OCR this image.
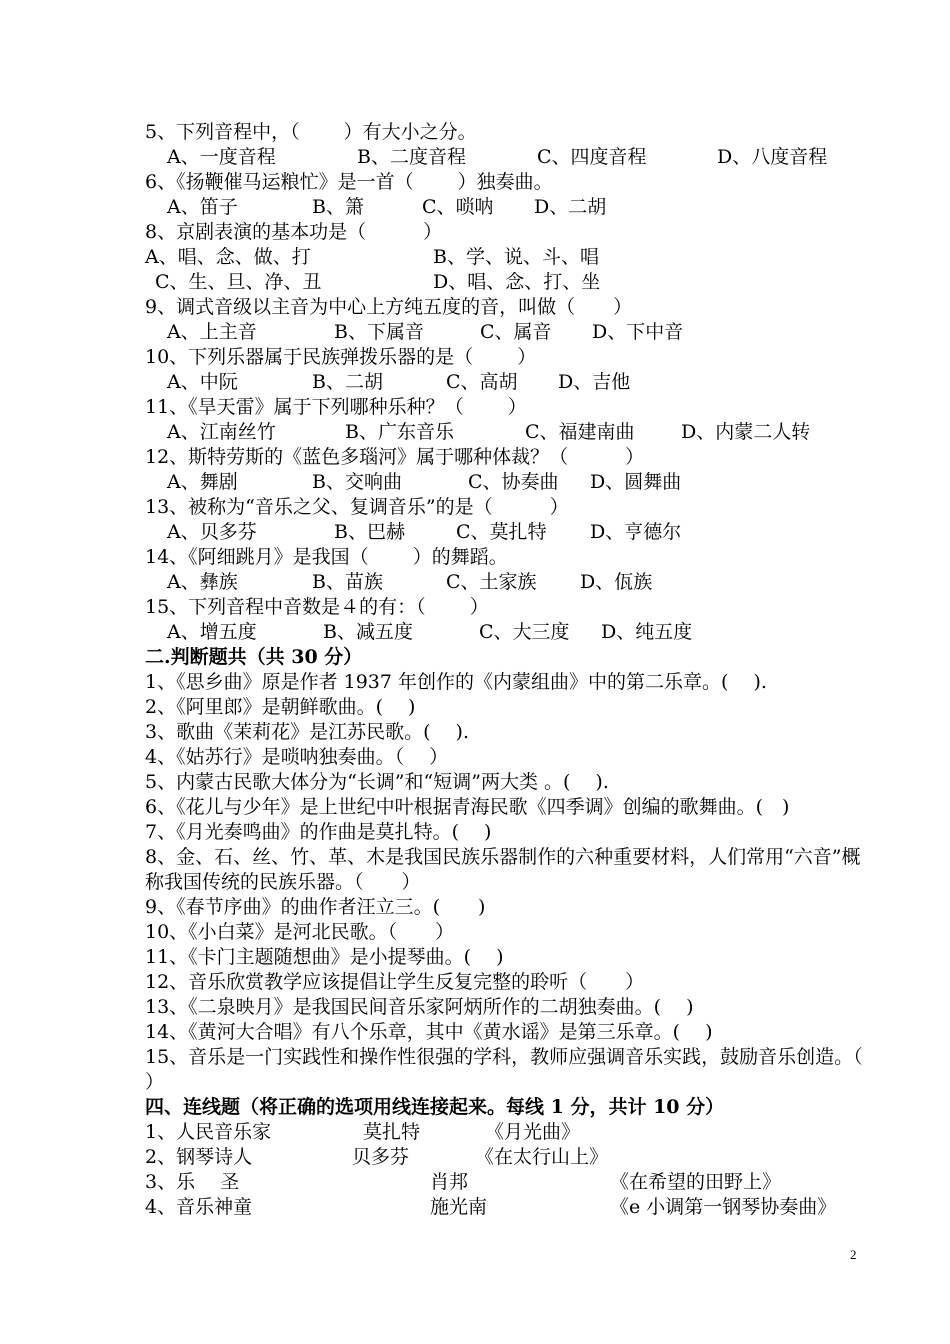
5、下列音程中，（　　 ）有大小之分。
A、一度音程	B、二度音程	C、四度音程	D、八度音程
6、《扬鞭催马运粮忙》是一首（　　 ）独奏曲。
A、笛子	B、箫	C、唢呐 D、二胡
8、京剧表演的基本功是（　　　）
A、唱、念、做、打	B、学、说、斗、唱
C、生、旦、净、丑	D、唱、念、打、坐
9、调式音级以主音为中心上方纯五度的音，叫做（　　）
A、上主音	B、下属音	C、属音 D、下中音
10、下列乐器属于民族弹拨乐器的是（　　 ）
A、中阮	B、二胡	C、高胡 D、吉他
11、《旱天雷》属于下列哪种乐种？（　　 ）
A、江南丝竹	B、广东音乐	C、福建南曲 D、内蒙二人转
12、斯特劳斯的《蓝色多瑙河》属于哪种体裁？（　　　）
A、舞剧	B、交响曲	C、协奏曲 D、圆舞曲
13、被称为“音乐之父、复调音乐”的是（　　　）
A、贝多芬	B、巴赫	C、莫扎特 D、亨德尔
14、《阿细跳月》是我国（　　 ）的舞蹈。
A、彝族	B、苗族	C、土家族 D、佤族
15、下列音程中音数是４的有：（　　 ）
A、增五度	B、减五度	C、大三度 D、纯五度
二.判断题共（共 30 分）
1、《思乡曲》原是作者 1937 年创作的《内蒙组曲》中的第二乐章。(　 ).
2、《阿里郎》是朝鲜歌曲。(　 )
3、歌曲《茉莉花》是江苏民歌。(　 ).
4、《姑苏行》是唢呐独奏曲。（　 ）
5、内蒙古民歌大体分为“长调”和“短调”两大类 。(　 ).
6、《花儿与少年》是上世纪中叶根据青海民歌《四季调》创编的歌舞曲。(　)
7、《月光奏鸣曲》的作曲是莫扎特。(　 )
8、金、石、丝、竹、革、木是我国民族乐器制作的六种重要材料，人们常用“六音”概称我国传统的民族乐器。（　　）
9、《春节序曲》的曲作者汪立三。(　　)
10、《小白菜》是河北民歌。（　　）
11、《卡门主题随想曲》是小提琴曲。(　 )
12、音乐欣赏教学应该提倡让学生反复完整的聆听（　　）
13、《二泉映月》是我国民间音乐家阿炳所作的二胡独奏曲。(　 )
14、《黄河大合唱》有八个乐章，其中《黄水谣》是第三乐章。(　 )
15、音乐是一门实践性和操作性很强的学科，教师应强调音乐实践，鼓励音乐创造。（　 ）
四、连线题（将正确的选项用线连接起来。每线 1 分，共计 10 分）
1、人民音乐家	莫扎特	《月光曲》
2、钢琴诗人	贝多芬	《在太行山上》
3、乐　 圣	肖邦	《在希望的田野上》
4、音乐神童	施光南	《e 小调第一钢琴协奏曲》
2
